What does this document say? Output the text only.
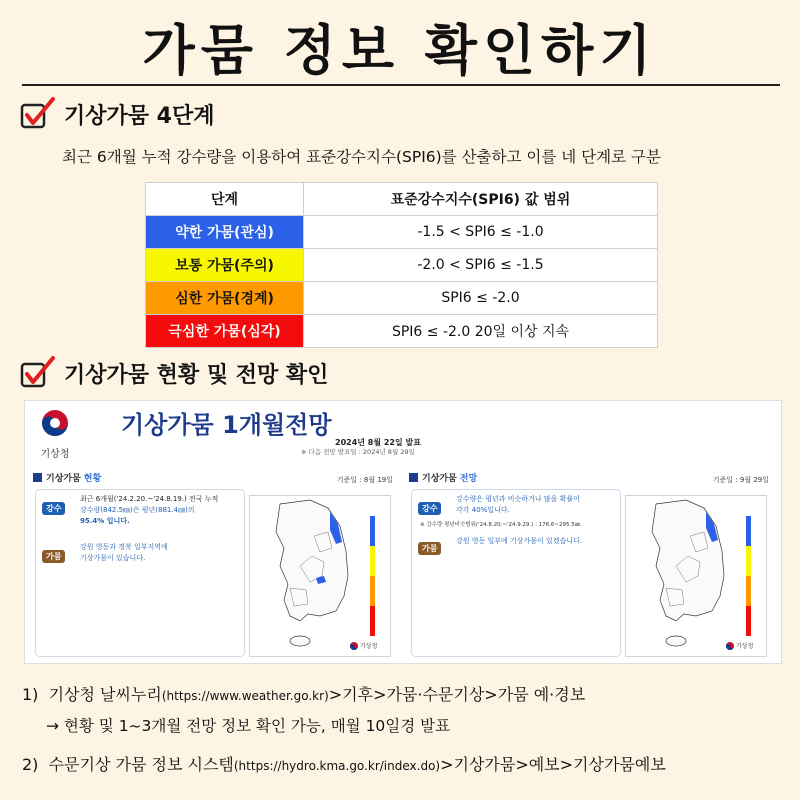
가뭄 정보 확인하기
기상가뭄 4단계
최근 6개월 누적 강수량을 이용하여 표준강수지수(SPI6)를 산출하고 이를 네 단계로 구분
단계	표준강수지수(SPI6) 값 범위
약한 가뭄(관심)	-1.5 < SPI6 ≤ -1.0
보통 가뭄(주의)	-2.0 < SPI6 ≤ -1.5
심한 가뭄(경계)	SPI6 ≤ -2.0
극심한 가뭄(심각)	SPI6 ≤ -2.0 20일 이상 지속
기상가뭄 현황 및 전망 확인
기상청
기상가뭄 1개월전망
2024년 8월 22일 발표
※ 다음 전망 발표일 : 2024년 8월 29일
기상가뭄 현황	기준일 : 8월 19일
강수
최근 6개월('24.2.20.~'24.8.19.) 전국 누적
강수량(842.5㎜)은 평년(881.4㎜)의
95.4% 입니다.
가뭄
강원 영동과 경북 일부지역에
기상가뭄이 있습니다.
기상청
기상가뭄 전망	기준일 : 9월 29일
강수
강수량은 평년과 비슷하거나 많을 확률이
각각 40%입니다.
※ 강수량 평년비슷범위('24.8.20.~'24.9.29.) : 176.6~295.5㎜
가뭄
강원 영동 일부에 기상가뭄이 있겠습니다.
기상청
1) 기상청 날씨누리(https://www.weather.go.kr)>기후>가뭄·수문기상>가뭄 예·경보
→ 현황 및 1~3개월 전망 정보 확인 가능, 매월 10일경 발표
2) 수문기상 가뭄 정보 시스템(https://hydro.kma.go.kr/index.do)>기상가뭄>예보>기상가뭄예보
